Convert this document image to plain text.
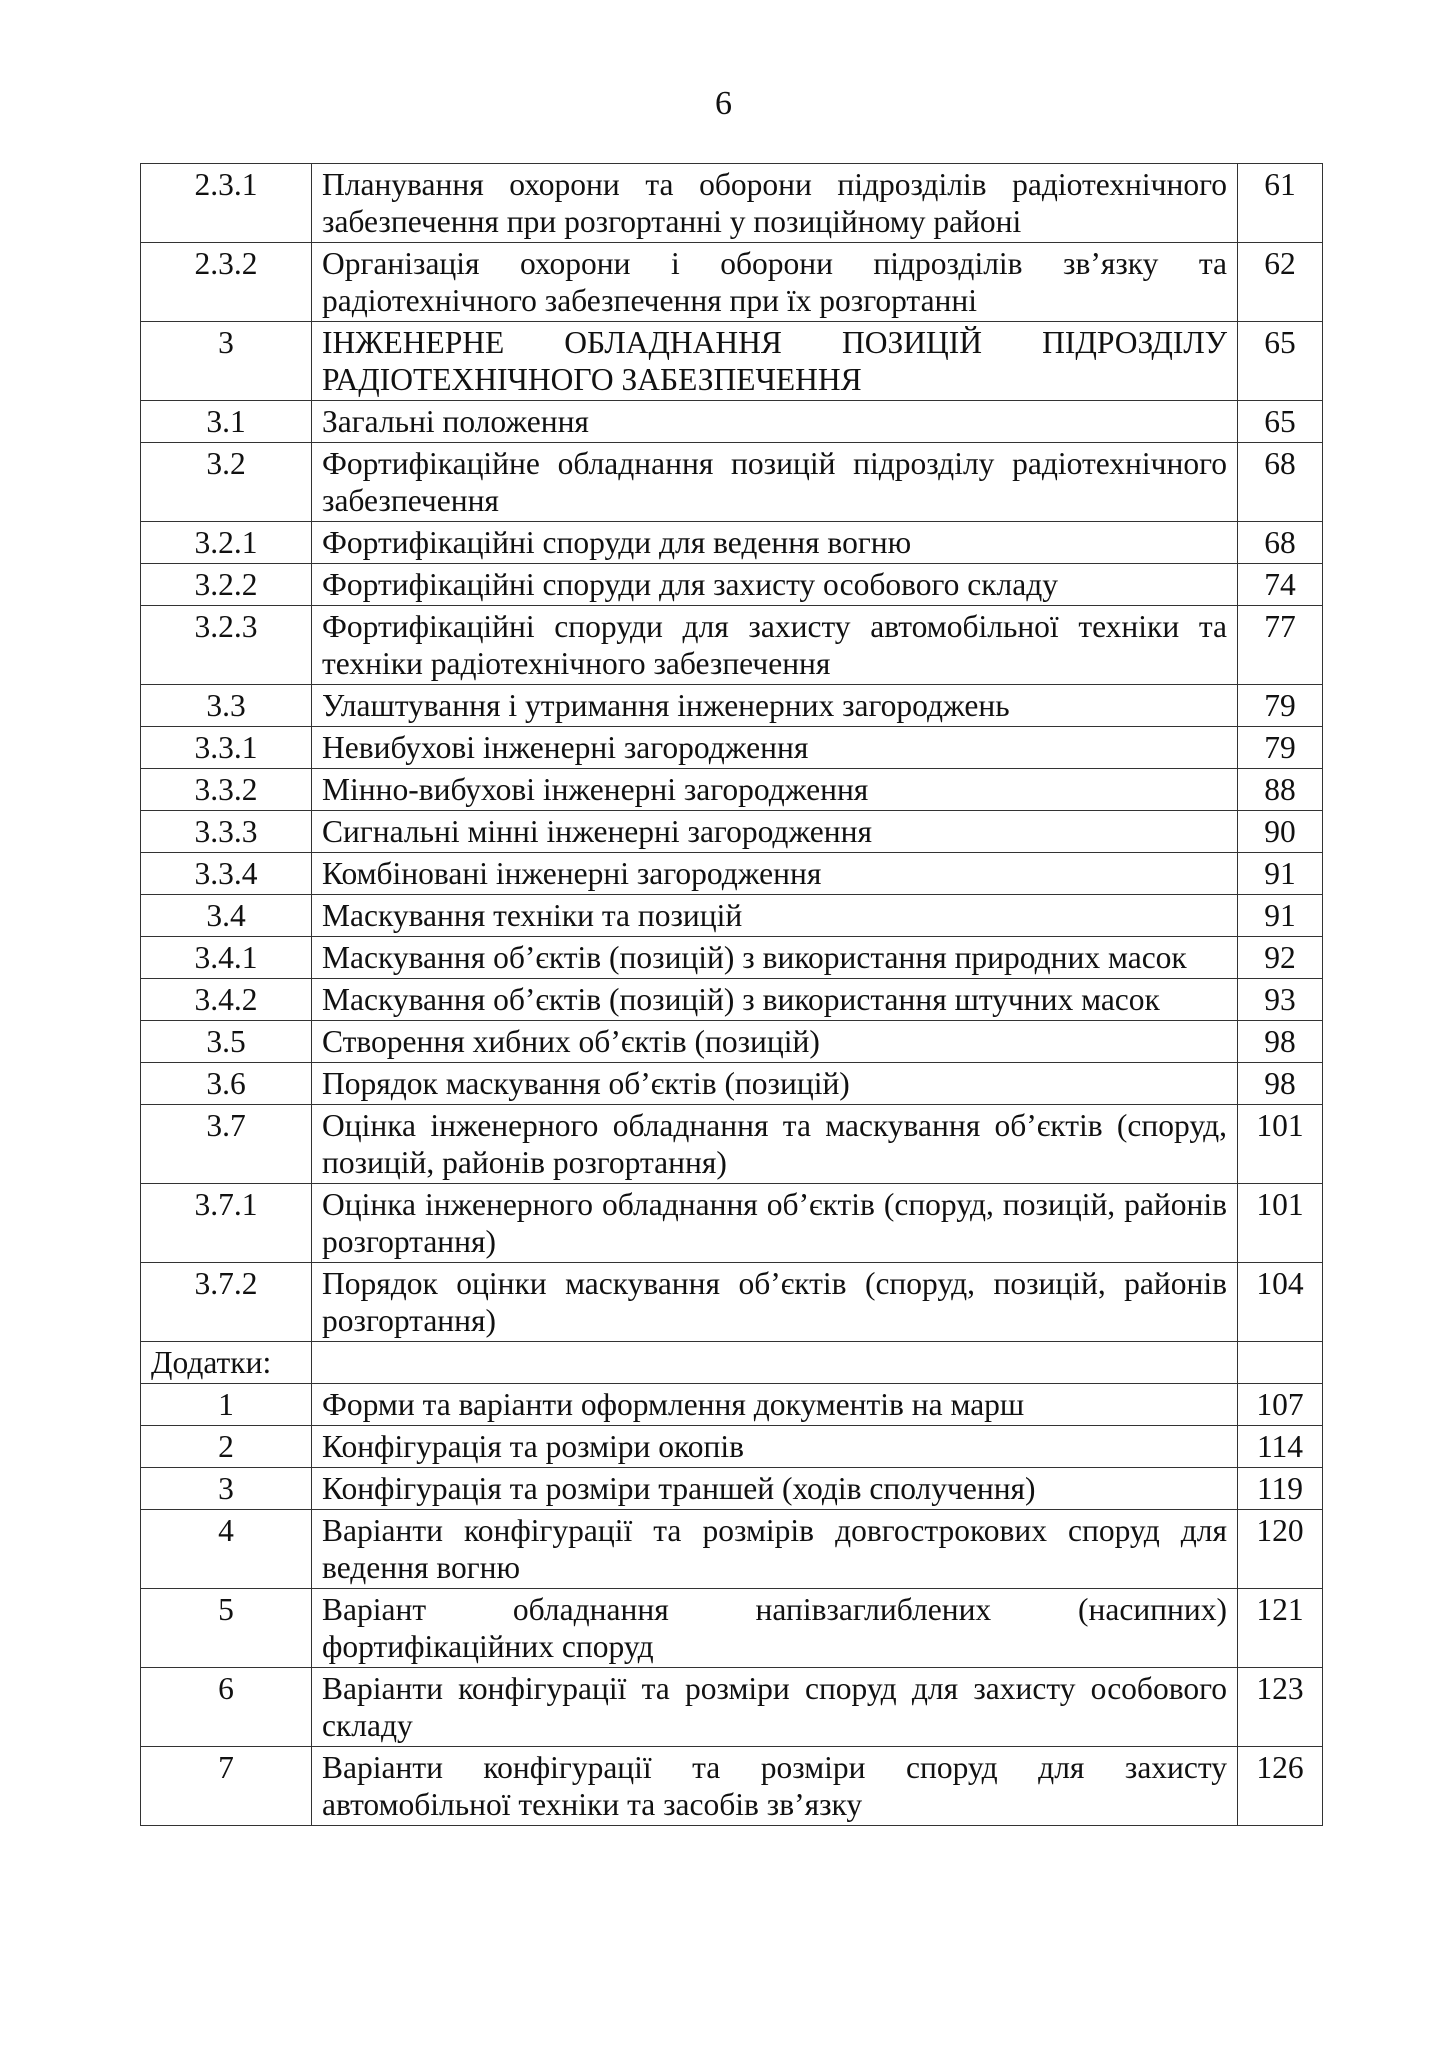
6
2.3.1	Планування охорони та оборони підрозділів радіотехнічного забезпечення при розгортанні у позиційному районі	61
2.3.2	Організація охорони і оборони підрозділів зв’язку та радіотехнічного забезпечення при їх розгортанні	62
3	ІНЖЕНЕРНЕ ОБЛАДНАННЯ ПОЗИЦІЙ ПІДРОЗДІЛУ РАДІОТЕХНІЧНОГО ЗАБЕЗПЕЧЕННЯ	65
3.1	Загальні положення	65
3.2	Фортифікаційне обладнання позицій підрозділу радіотехнічного забезпечення	68
3.2.1	Фортифікаційні споруди для ведення вогню	68
3.2.2	Фортифікаційні споруди для захисту особового складу	74
3.2.3	Фортифікаційні споруди для захисту автомобільної техніки та техніки радіотехнічного забезпечення	77
3.3	Улаштування і утримання інженерних загороджень	79
3.3.1	Невибухові інженерні загородження	79
3.3.2	Мінно-вибухові інженерні загородження	88
3.3.3	Сигнальні мінні інженерні загородження	90
3.3.4	Комбіновані інженерні загородження	91
3.4	Маскування техніки та позицій	91
3.4.1	Маскування об’єктів (позицій) з використання природних масок	92
3.4.2	Маскування об’єктів (позицій) з використання штучних масок	93
3.5	Створення хибних об’єктів (позицій)	98
3.6	Порядок маскування об’єктів (позицій)	98
3.7	Оцінка інженерного обладнання та маскування об’єктів (споруд, позицій, районів розгортання)	101
3.7.1	Оцінка інженерного обладнання об’єктів (споруд, позицій, районів розгортання)	101
3.7.2	Порядок оцінки маскування об’єктів (споруд, позицій, районів розгортання)	104
Додатки:		
1	Форми та варіанти оформлення документів на марш	107
2	Конфігурація та розміри окопів	114
3	Конфігурація та розміри траншей (ходів сполучення)	119
4	Варіанти конфігурації та розмірів довгострокових споруд для ведення вогню	120
5	Варіант обладнання напівзаглиблених (насипних) фортифікаційних споруд	121
6	Варіанти конфігурації та розміри споруд для захисту особового складу	123
7	Варіанти конфігурації та розміри споруд для захисту автомобільної техніки та засобів зв’язку	126
